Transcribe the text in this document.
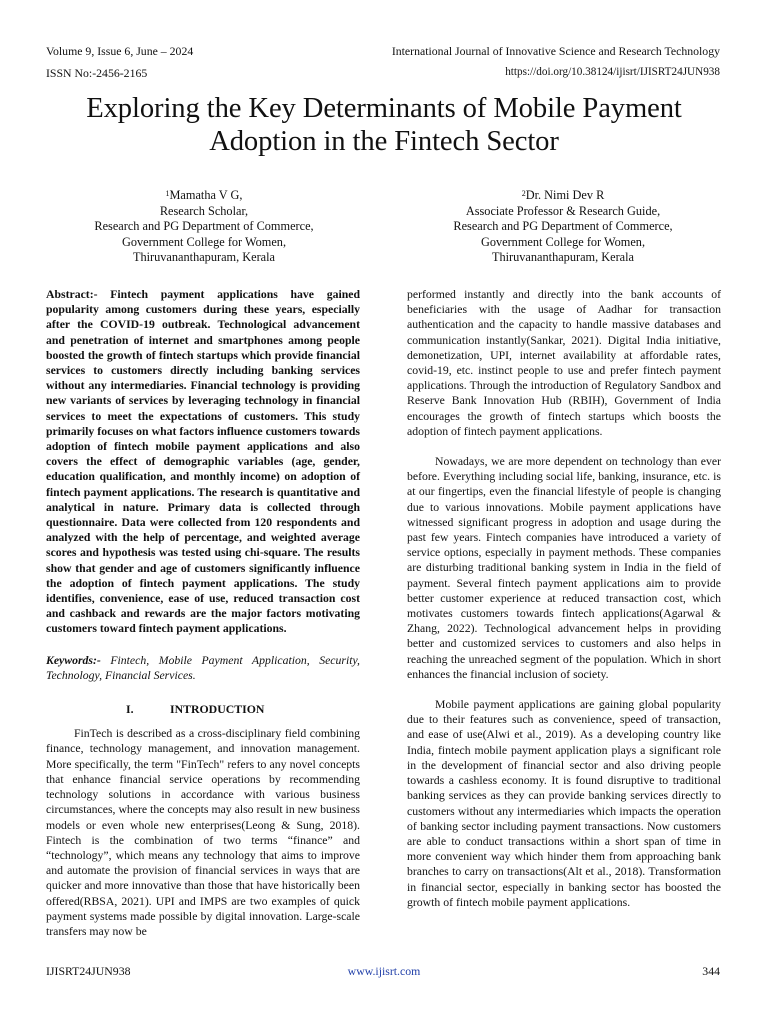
Volume 9, Issue 6, June – 2024	International Journal of Innovative Science and Research Technology
ISSN No:-2456-2165	https://doi.org/10.38124/ijisrt/IJISRT24JUN938
Exploring the Key Determinants of Mobile Payment
Adoption in the Fintech Sector
$^1$Mamatha V G,
Research Scholar,
Research and PG Department of Commerce,
Government College for Women,
Thiruvananthapuram, Kerala
$^2$Dr. Nimi Dev R
Associate Professor & Research Guide,
Research and PG Department of Commerce,
Government College for Women,
Thiruvananthapuram, Kerala

Abstract:- Fintech payment applications have gained popularity among customers during these years, especially after the COVID-19 outbreak. Technological advancement and penetration of internet and smartphones among people boosted the growth of fintech startups which provide financial services to customers directly including banking services without any intermediaries. Financial technology is providing new variants of services by leveraging technology in financial services to meet the expectations of customers. This study primarily focuses on what factors influence customers towards adoption of fintech mobile payment applications and also covers the effect of demographic variables (age, gender, education qualification, and monthly income) on adoption of fintech payment applications. The research is quantitative and analytical in nature. Primary data is collected through questionnaire. Data were collected from 120 respondents and analyzed with the help of percentage, and weighted average scores and hypothesis was tested using chi-square. The results show that gender and age of customers significantly influence the adoption of fintech payment applications. The study identifies, convenience, ease of use, reduced transaction cost and cashback and rewards are the major factors motivating customers toward fintech payment applications.

Keywords:- Fintech, Mobile Payment Application, Security, Technology, Financial Services.

I.	INTRODUCTION

FinTech is described as a cross-disciplinary field combining finance, technology management, and innovation management. More specifically, the term "FinTech" refers to any novel concepts that enhance financial service operations by recommending technology solutions in accordance with various business circumstances, where the concepts may also result in new business models or even whole new enterprises(Leong & Sung, 2018). Fintech is the combination of two terms “finance” and “technology”, which means any technology that aims to improve and automate the provision of financial services in ways that are quicker and more innovative than those that have historically been offered(RBSA, 2021). UPI and IMPS are two examples of quick payment systems made possible by digital innovation. Large-scale transfers may now be

performed instantly and directly into the bank accounts of beneficiaries with the usage of Aadhar for transaction authentication and the capacity to handle massive databases and communication instantly(Sankar, 2021). Digital India initiative, demonetization, UPI, internet availability at affordable rates, covid-19, etc. instinct people to use and prefer fintech payment applications. Through the introduction of Regulatory Sandbox and Reserve Bank Innovation Hub (RBIH), Government of India encourages the growth of fintech startups which boosts the adoption of fintech payment applications.

Nowadays, we are more dependent on technology than ever before. Everything including social life, banking, insurance, etc. is at our fingertips, even the financial lifestyle of people is changing due to various innovations. Mobile payment applications have witnessed significant progress in adoption and usage during the past few years. Fintech companies have introduced a variety of service options, especially in payment methods. These companies are disturbing traditional banking system in India in the field of payment. Several fintech payment applications aim to provide better customer experience at reduced transaction cost, which motivates customers towards fintech applications(Agarwal & Zhang, 2022). Technological advancement helps in providing better and customized services to customers and also helps in reaching the unreached segment of the population. Which in short enhances the financial inclusion of society.

Mobile payment applications are gaining global popularity due to their features such as convenience, speed of transaction, and ease of use(Alwi et al., 2019). As a developing country like India, fintech mobile payment application plays a significant role in the development of financial sector and also driving people towards a cashless economy. It is found disruptive to traditional banking services as they can provide banking services directly to customers without any intermediaries which impacts the operation of banking sector including payment transactions. Now customers are able to conduct transactions within a short span of time in more convenient way which hinder them from approaching bank branches to carry on transactions(Alt et al., 2018). Transformation in financial sector, especially in banking sector has boosted the growth of fintech mobile payment applications.

IJISRT24JUN938	www.ijisrt.com	344
